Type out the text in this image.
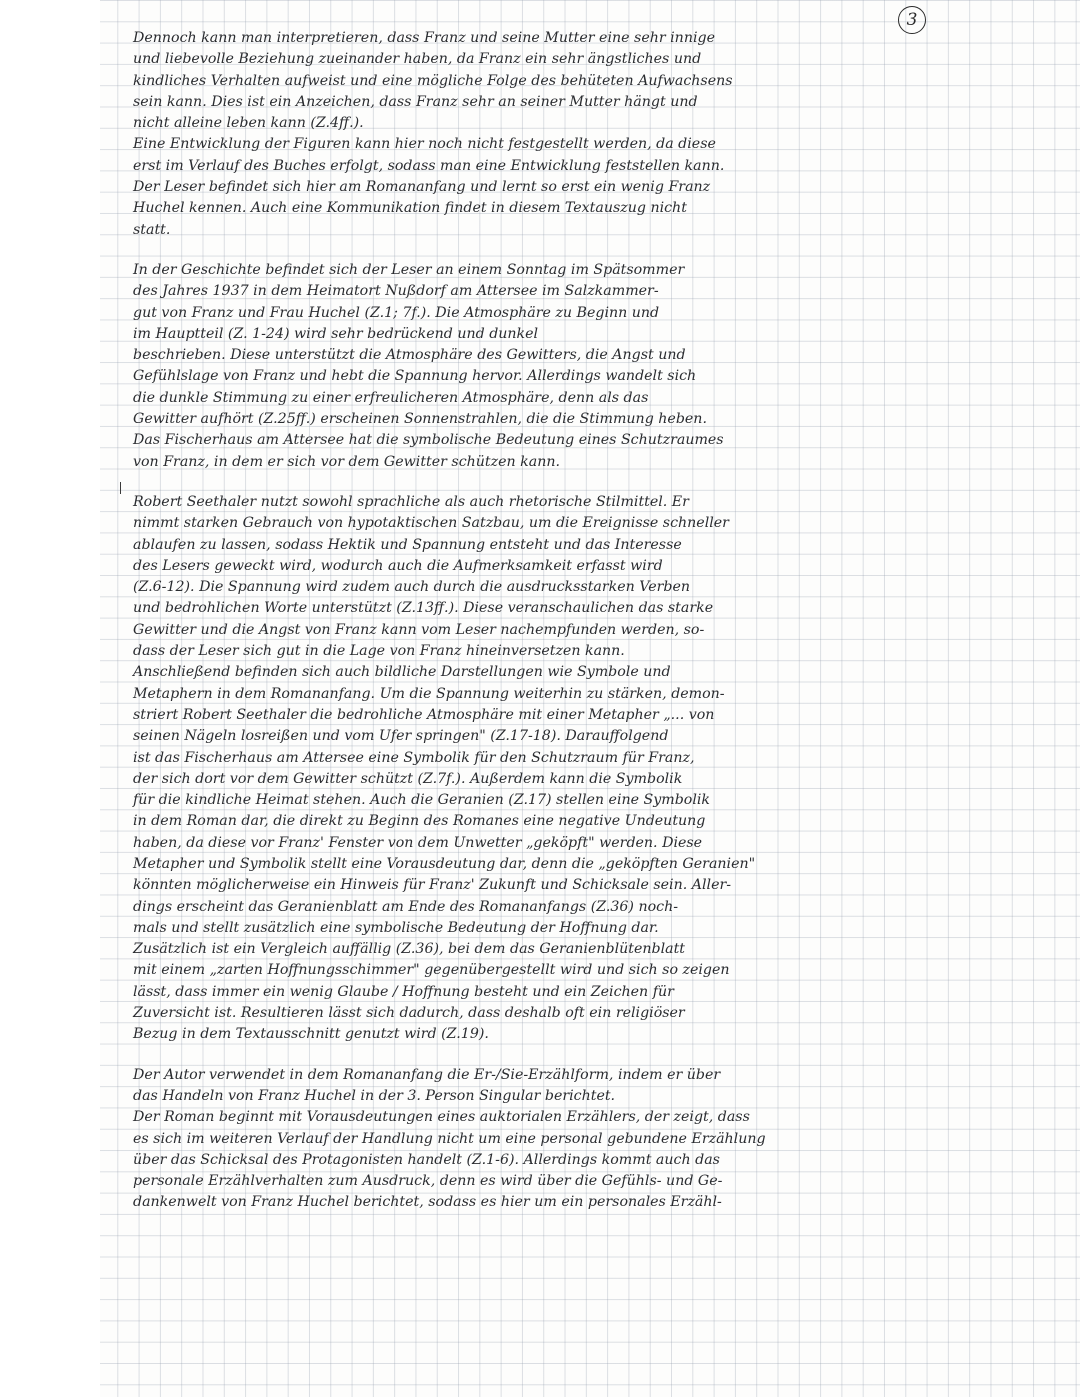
3
Dennoch kann man interpretieren, dass Franz und seine Mutter eine sehr innige
und liebevolle Beziehung zueinander haben, da Franz ein sehr ängstliches und
kindliches Verhalten aufweist und eine mögliche Folge des behüteten Aufwachsens
sein kann. Dies ist ein Anzeichen, dass Franz sehr an seiner Mutter hängt und
nicht alleine leben kann (Z.4ff.).
Eine Entwicklung der Figuren kann hier noch nicht festgestellt werden, da diese
erst im Verlauf des Buches erfolgt, sodass man eine Entwicklung feststellen kann.
Der Leser befindet sich hier am Romananfang und lernt so erst ein wenig Franz
Huchel kennen. Auch eine Kommunikation findet in diesem Textauszug nicht
statt.
In der Geschichte befindet sich der Leser an einem Sonntag im Spätsommer
des Jahres 1937 in dem Heimatort Nußdorf am Attersee im Salzkammer-
gut von Franz und Frau Huchel (Z.1; 7f.). Die Atmosphäre zu Beginn und
im Hauptteil (Z. 1-24) wird sehr bedrückend und dunkel
beschrieben. Diese unterstützt die Atmosphäre des Gewitters, die Angst und
Gefühlslage von Franz und hebt die Spannung hervor. Allerdings wandelt sich
die dunkle Stimmung zu einer erfreulicheren Atmosphäre, denn als das
Gewitter aufhört (Z.25ff.) erscheinen Sonnenstrahlen, die die Stimmung heben.
Das Fischerhaus am Attersee hat die symbolische Bedeutung eines Schutzraumes
von Franz, in dem er sich vor dem Gewitter schützen kann.
Robert Seethaler nutzt sowohl sprachliche als auch rhetorische Stilmittel. Er
nimmt starken Gebrauch von hypotaktischen Satzbau, um die Ereignisse schneller
ablaufen zu lassen, sodass Hektik und Spannung entsteht und das Interesse
des Lesers geweckt wird, wodurch auch die Aufmerksamkeit erfasst wird
(Z.6-12). Die Spannung wird zudem auch durch die ausdrucksstarken Verben
und bedrohlichen Worte unterstützt (Z.13ff.). Diese veranschaulichen das starke
Gewitter und die Angst von Franz kann vom Leser nachempfunden werden, so-
dass der Leser sich gut in die Lage von Franz hineinversetzen kann.
Anschließend befinden sich auch bildliche Darstellungen wie Symbole und
Metaphern in dem Romananfang. Um die Spannung weiterhin zu stärken, demon-
striert Robert Seethaler die bedrohliche Atmosphäre mit einer Metapher „... von
seinen Nägeln losreißen und vom Ufer springen" (Z.17-18). Darauffolgend
ist das Fischerhaus am Attersee eine Symbolik für den Schutzraum für Franz,
der sich dort vor dem Gewitter schützt (Z.7f.). Außerdem kann die Symbolik
für die kindliche Heimat stehen. Auch die Geranien (Z.17) stellen eine Symbolik
in dem Roman dar, die direkt zu Beginn des Romanes eine negative Undeutung
haben, da diese vor Franz' Fenster von dem Unwetter „geköpft" werden. Diese
Metapher und Symbolik stellt eine Vorausdeutung dar, denn die „geköpften Geranien"
könnten möglicherweise ein Hinweis für Franz' Zukunft und Schicksale sein. Aller-
dings erscheint das Geranienblatt am Ende des Romananfangs (Z.36) noch-
mals und stellt zusätzlich eine symbolische Bedeutung der Hoffnung dar.
Zusätzlich ist ein Vergleich auffällig (Z.36), bei dem das Geranienblütenblatt
mit einem „zarten Hoffnungsschimmer" gegenübergestellt wird und sich so zeigen
lässt, dass immer ein wenig Glaube / Hoffnung besteht und ein Zeichen für
Zuversicht ist. Resultieren lässt sich dadurch, dass deshalb oft ein religiöser
Bezug in dem Textausschnitt genutzt wird (Z.19).
Der Autor verwendet in dem Romananfang die Er-/Sie-Erzählform, indem er über
das Handeln von Franz Huchel in der 3. Person Singular berichtet.
Der Roman beginnt mit Vorausdeutungen eines auktorialen Erzählers, der zeigt, dass
es sich im weiteren Verlauf der Handlung nicht um eine personal gebundene Erzählung
über das Schicksal des Protagonisten handelt (Z.1-6). Allerdings kommt auch das
personale Erzählverhalten zum Ausdruck, denn es wird über die Gefühls- und Ge-
dankenwelt von Franz Huchel berichtet, sodass es hier um ein personales Erzähl-
